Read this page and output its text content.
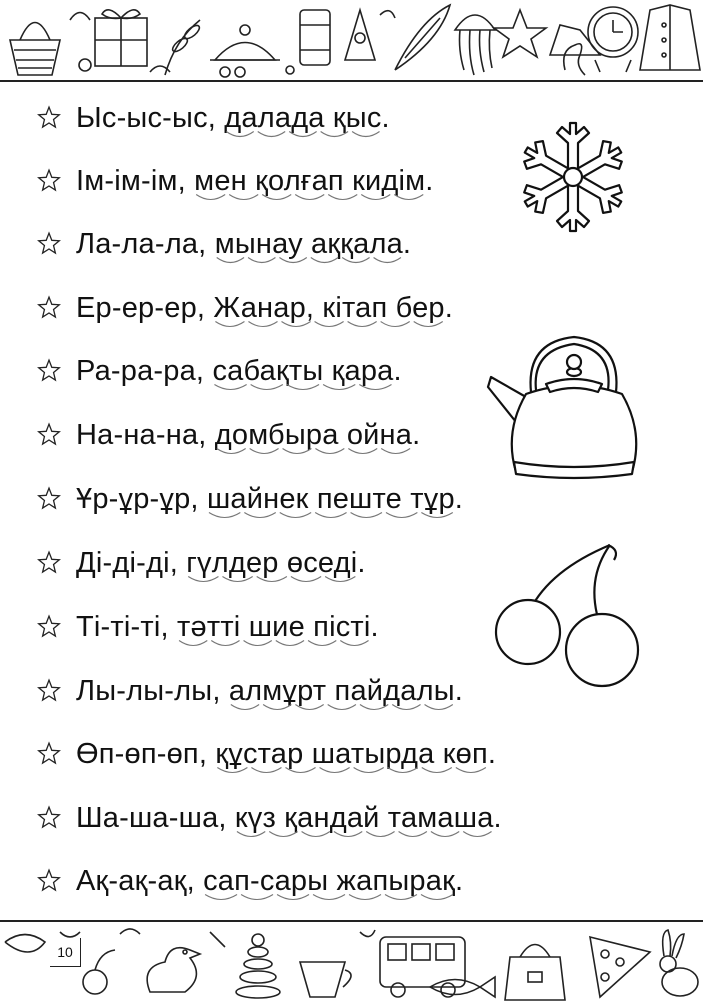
Ыс-ыс-ыс, далада қыс.
Ім-ім-ім, мен қолғап кидім.
Ла-ла-ла, мынау аққала.
Ер-ер-ер, Жанар, кітап бер.
Ра-ра-ра, сабақты қара.
На-на-на, домбыра ойна.
Ұр-ұр-ұр, шайнек пеште тұр.
Ді-ді-ді, гүлдер өседі.
Ті-ті-ті, тәтті шие пісті.
Лы-лы-лы, алмұрт пайдалы.
Өп-өп-өп, құстар шатырда көп.
Ша-ша-ша, күз қандай тамаша.
Ақ-ақ-ақ, сап-сары жапырақ.
10
